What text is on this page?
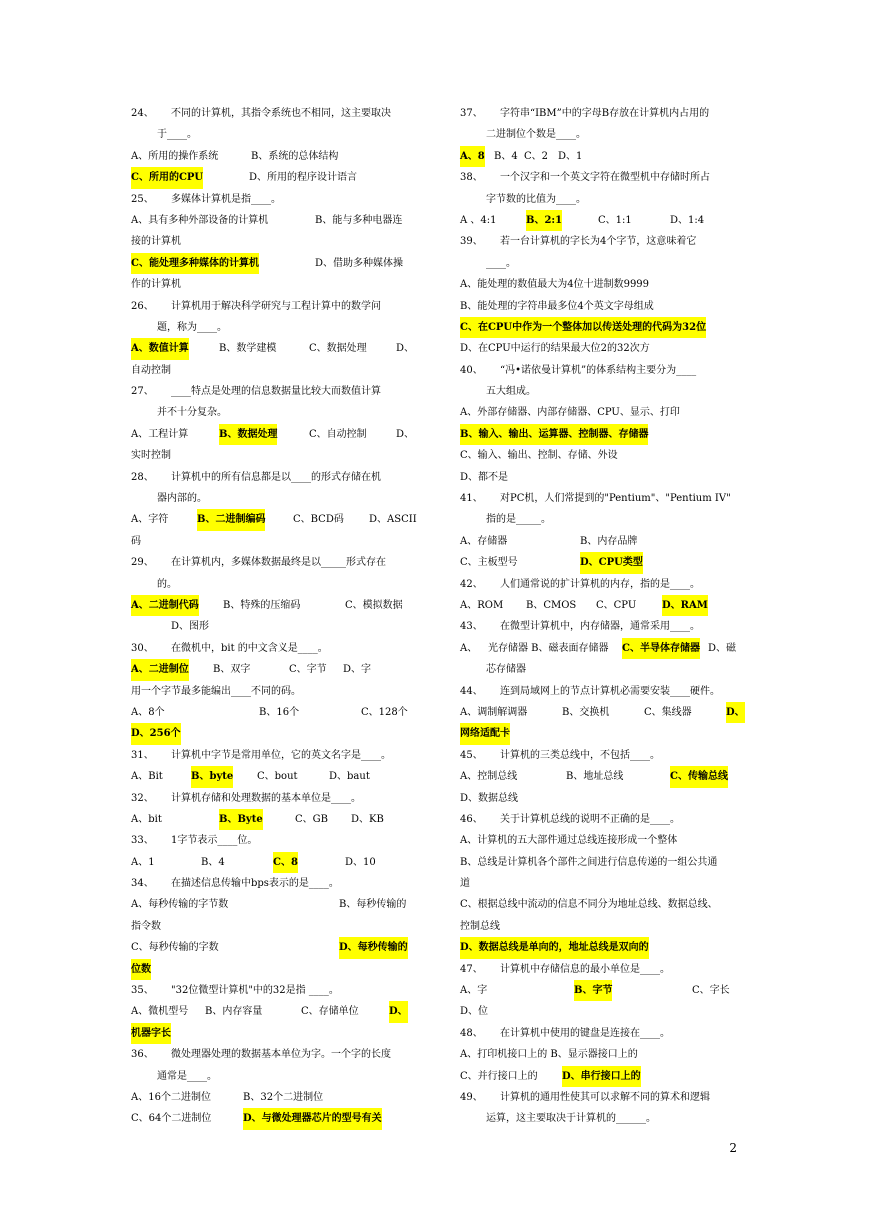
24、 不同的计算机，其指令系统也不相同，这主要取决
于____。
A、所用的操作系统	B、系统的总体结构
C、所用的CPU	D、所用的程序设计语言
25、 多媒体计算机是指____。
A、具有多种外部设备的计算机	B、能与多种电器连
接的计算机
C、能处理多种媒体的计算机	D、借助多种媒体操
作的计算机
26、 计算机用于解决科学研究与工程计算中的数学问
题，称为____。
A、数值计算	B、数学建模	C、数据处理	D、
自动控制
27、 ____特点是处理的信息数据量比较大而数值计算
并不十分复杂。
A、工程计算	B、数据处理	C、自动控制	D、
实时控制
28、 计算机中的所有信息都是以____的形式存储在机
器内部的。
A、字符	B、二进制编码	C、BCD码	D、ASCII
码
29、 在计算机内，多媒体数据最终是以_____形式存在
的。
A、二进制代码 B、特殊的压缩码	C、模拟数据
D、图形
30、 在微机中，bit 的中文含义是____。
A、二进制位 B、双字	C、字节 D、字
用一个字节最多能编出____不同的码。
A、8个	B、16个	C、128个
D、256个
31、 计算机中字节是常用单位，它的英文名字是____。
A、Bit	B、byte C、bout	D、baut
32、 计算机存储和处理数据的基本单位是____。
A、bit	B、Byte	C、GB D、KB
33、 1字节表示____位。
A、1	B、4	C、8	D、10
34、 在描述信息传输中bps表示的是____。
A、每秒传输的字节数	B、每秒传输的
指令数
C、每秒传输的字数	D、每秒传输的
位数
35、 "32位微型计算机"中的32是指 ____。
A、微机型号 B、内存容量	C、存储单位	D、
机器字长
36、 微处理器处理的数据基本单位为字。一个字的长度
通常是____。
A、16个二进制位	B、32个二进制位
C、64个二进制位	D、与微处理器芯片的型号有关
37、 字符串“IBM”中的字母B存放在计算机内占用的
二进制位个数是____。
A、8 B、4 C、2 D、1
38、 一个汉字和一个英文字符在微型机中存储时所占
字节数的比值为____。
A 、4:1	B、2:1	C、1:1	D、1:4
39、 若一台计算机的字长为4个字节，这意味着它
____。
A、能处理的数值最大为4位十进制数9999
B、能处理的字符串最多位4个英文字母组成
C、在CPU中作为一个整体加以传送处理的代码为32位
D、在CPU中运行的结果最大位2的32次方
40、 “冯•诺依曼计算机”的体系结构主要分为____
五大组成。
A、外部存储器、内部存储器、CPU、显示、打印
B、输入、输出、运算器、控制器、存储器
C、输入、输出、控制、存储、外设
D、都不是
41、 对PC机，人们常提到的"Pentium"、"Pentium IV"
指的是_____。
A、存储器	B、内存品牌
C、主板型号	D、CPU类型
42、 人们通常说的扩计算机的内存，指的是____。
A、ROM B、CMOS C、CPU	D、RAM
43、 在微型计算机中，内存储器，通常采用____。
A、 光存储器 B、磁表面存储器 C、半导体存储器 D、磁
芯存储器
44、 连到局域网上的节点计算机必需要安装____硬件。
A、调制解调器	B、交换机	C、集线器	D、
网络适配卡
45、 计算机的三类总线中，不包括____。
A、控制总线	B、地址总线	C、传输总线
D、数据总线
46、 关于计算机总线的说明不正确的是____。
A、计算机的五大部件通过总线连接形成一个整体
B、总线是计算机各个部件之间进行信息传递的一组公共通
道
C、根据总线中流动的信息不同分为地址总线、数据总线、
控制总线
D、数据总线是单向的，地址总线是双向的
47、 计算机中存储信息的最小单位是____。
A、字	B、字节	C、字长
D、位
48、 在计算机中使用的键盘是连接在____。
A、打印机接口上的 B、显示器接口上的
C、并行接口上的 D、串行接口上的
49、 计算机的通用性使其可以求解不同的算术和逻辑
运算，这主要取决于计算机的______。
2
